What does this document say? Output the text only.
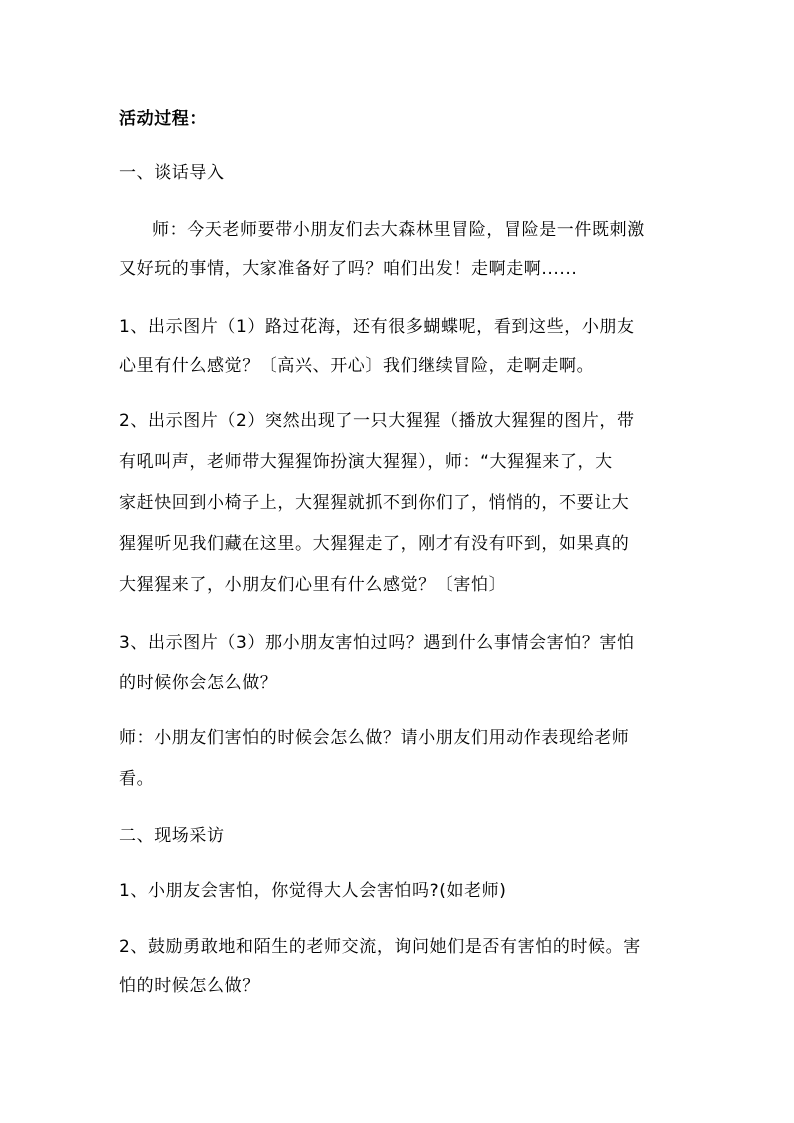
活动过程：
一、谈话导入
师：今天老师要带小朋友们去大森林里冒险，冒险是一件既刺激
又好玩的事情，大家准备好了吗？咱们出发！走啊走啊......
1、出示图片（1）路过花海，还有很多蝴蝶呢，看到这些，小朋友
心里有什么感觉？〔高兴、开心〕我们继续冒险，走啊走啊。
2、出示图片（2）突然出现了一只大猩猩（播放大猩猩的图片，带
有吼叫声，老师带大猩猩饰扮演大猩猩），师：“大猩猩来了，大
家赶快回到小椅子上，大猩猩就抓不到你们了，悄悄的，不要让大
猩猩听见我们藏在这里。大猩猩走了，刚才有没有吓到，如果真的
大猩猩来了，小朋友们心里有什么感觉？〔害怕〕
3、出示图片（3）那小朋友害怕过吗？遇到什么事情会害怕？害怕
的时候你会怎么做？
师：小朋友们害怕的时候会怎么做？请小朋友们用动作表现给老师
看。
二、现场采访
1、小朋友会害怕，你觉得大人会害怕吗?(如老师)
2、鼓励勇敢地和陌生的老师交流，询问她们是否有害怕的时候。害
怕的时候怎么做？
